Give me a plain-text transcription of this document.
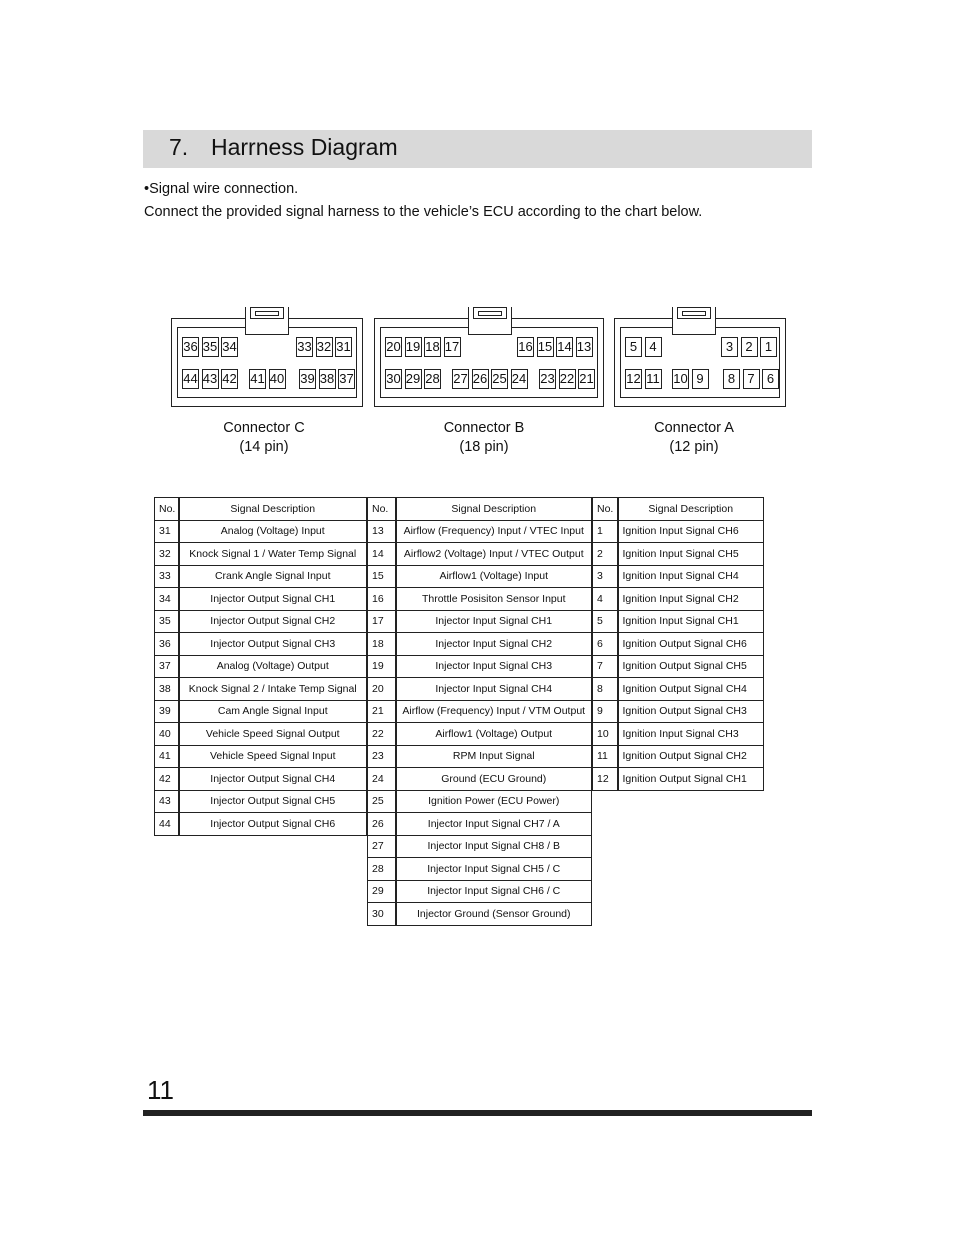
7. Harrness Diagram
•Signal wire connection.
Connect the provided signal harness to the vehicle’s ECU according to the chart below.
36 35 34	33 32 31
44 43 42 41 40 39 38 37
Connector C
(14 pin)
20 19 18 17	16 15 14 13
30 29 28 27 26 25 24 23 22 21
Connector B
(18 pin)
5 4	3 2 1
12 11 10 9	8 7 6
Connector A
(12 pin)
No.	Signal Description
31	Analog (Voltage) Input
32	Knock Signal 1 / Water Temp Signal
33	Crank Angle Signal Input
34	Injector Output Signal CH1
35	Injector Output Signal CH2
36	Injector Output Signal CH3
37	Analog (Voltage) Output
38	Knock Signal 2 / Intake Temp Signal
39	Cam Angle Signal Input
40	Vehicle Speed Signal Output
41	Vehicle Speed Signal Input
42	Injector Output Signal CH4
43	Injector Output Signal CH5
44	Injector Output Signal CH6
No.	Signal Description
13	Airflow (Frequency) Input / VTEC Input
14	Airflow2 (Voltage) Input / VTEC Output
15	Airflow1 (Voltage) Input
16	Throttle Posisiton Sensor Input
17	Injector Input Signal CH1
18	Injector Input Signal CH2
19	Injector Input Signal CH3
20	Injector Input Signal CH4
21	Airflow (Frequency) Input / VTM Output
22	Airflow1 (Voltage) Output
23	RPM Input Signal
24	Ground (ECU Ground)
25	Ignition Power (ECU Power)
26	Injector Input Signal CH7 / A
27	Injector Input Signal CH8 / B
28	Injector Input Signal CH5 / C
29	Injector Input Signal CH6 / C
30	Injector Ground (Sensor Ground)
No.	Signal Description
1	Ignition Input Signal CH6
2	Ignition Input Signal CH5
3	Ignition Input Signal CH4
4	Ignition Input Signal CH2
5	Ignition Input Signal CH1
6	Ignition Output Signal CH6
7	Ignition Output Signal CH5
8	Ignition Output Signal CH4
9	Ignition Output Signal CH3
10	Ignition Input Signal CH3
11	Ignition Output Signal CH2
12	Ignition Output Signal CH1
11
